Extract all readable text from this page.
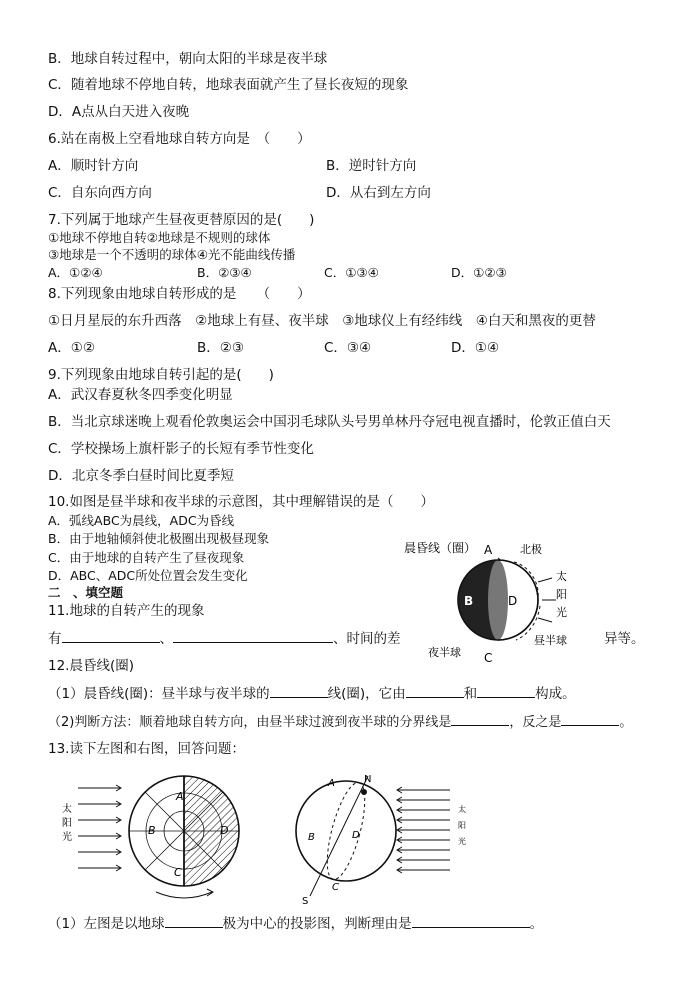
B．地球自转过程中，朝向太阳的半球是夜半球
C．随着地球不停地自转，地球表面就产生了昼长夜短的现象
D．A点从白天进入夜晚
6.站在南极上空看地球自转方向是　（　　）
A．顺时针方向	B．逆时针方向
C．自东向西方向	D．从右到左方向
7.下列属于地球产生昼夜更替原因的是(　　)
①地球不停地自转②地球是不规则的球体
③地球是一个不透明的球体④光不能曲线传播
A．①②④	B．②③④	C．①③④	D．①②③
8.下列现象由地球自转形成的是　　（　　）
①日月星辰的东升西落　②地球上有昼、夜半球　③地球仪上有经纬线　④白天和黑夜的更替
A．①②	B．②③	C．③④	D．①④
9.下列现象由地球自转引起的是(　　)
A．武汉春夏秋冬四季变化明显
B．当北京球迷晚上观看伦敦奥运会中国羽毛球队头号男单林丹夺冠电视直播时，伦敦正值白天
C．学校操场上旗杆影子的长短有季节性变化
D．北京冬季白昼时间比夏季短
10.如图是昼半球和夜半球的示意图，其中理解错误的是（　　）
A．弧线ABC为晨线，ADC为昏线
B．由于地轴倾斜使北极圈出现极昼现象
C．由于地球的自转产生了昼夜现象
D．ABC、ADC所处位置会发生变化
二　、填空题
11.地球的自转产生的现象
有	、	、时间的差	异等。
12.晨昏线(圈)
（1）晨昏线(圈)：昼半球与夜半球的	线(圈)，它由	和	构成。
（2)判断方法：顺着地球自转方向，由昼半球过渡到夜半球的分界线是	，反之是	。
13.读下左图和右图，回答问题：
（1）左图是以地球	极为中心的投影图，判断理由是	。
晨昏线（圈） A	北极
B	D
C
夜半球
昼半球
太
阳
光
太
阳
光
A
B
C
D
N
S
A
B
C
D
太
阳
光
